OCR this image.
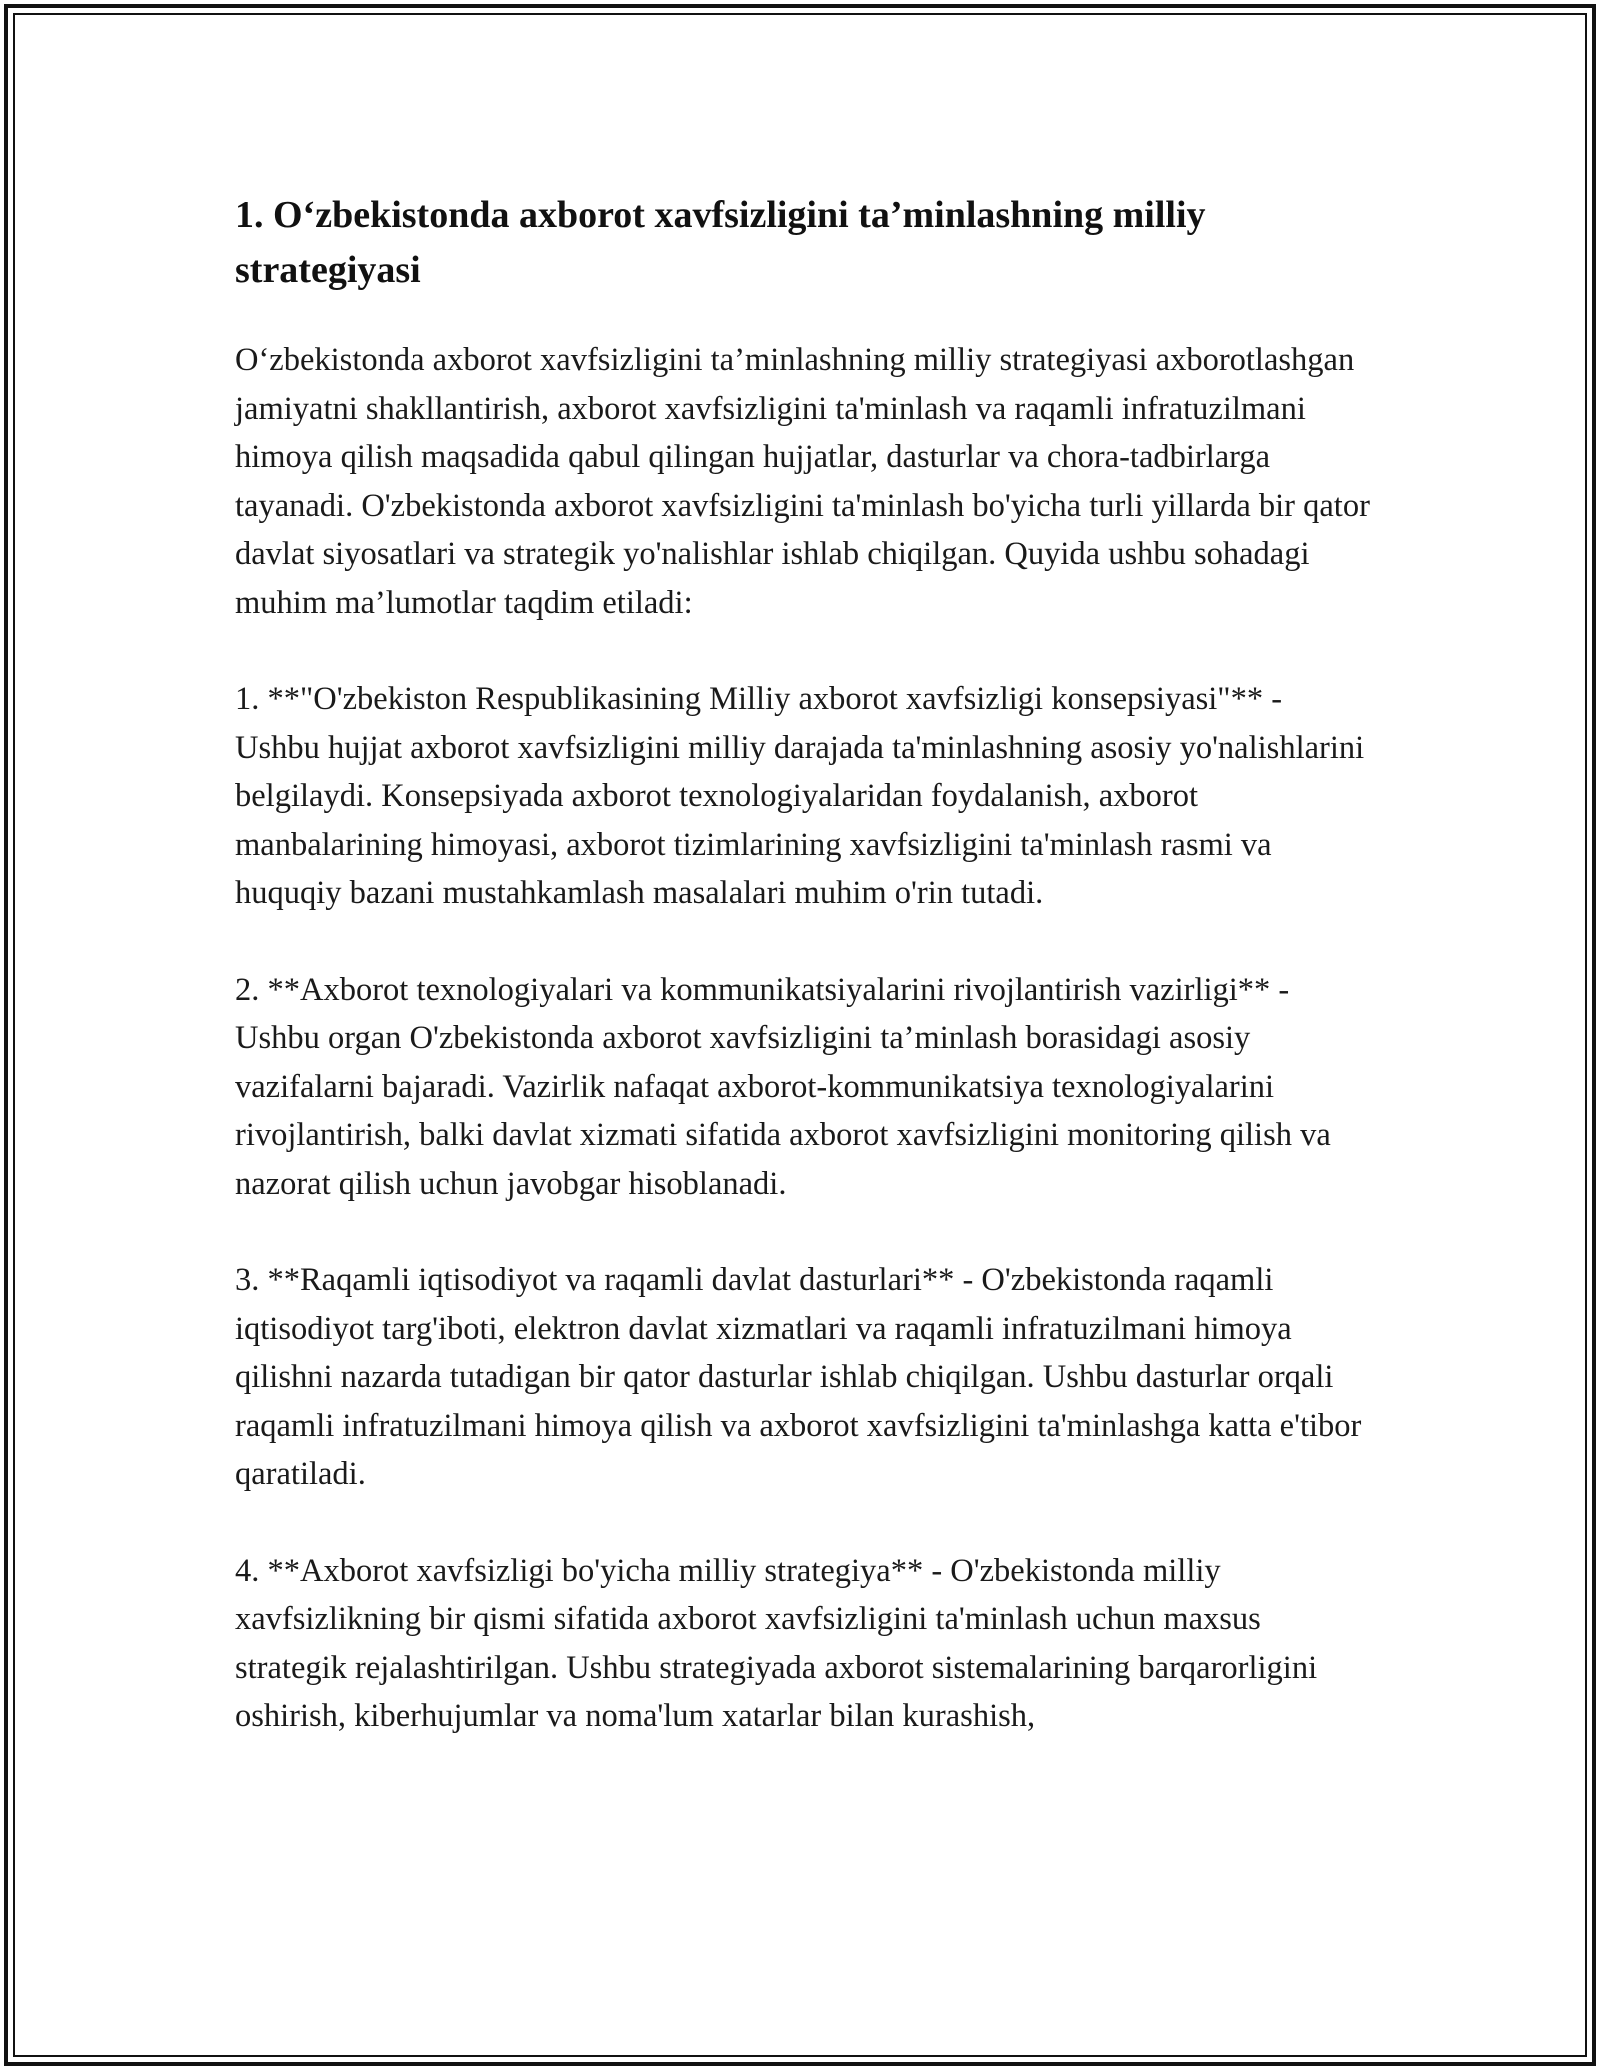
1. O‘zbekistonda axborot xavfsizligini ta’minlashning milliy strategiyasi

O‘zbekistonda axborot xavfsizligini ta’minlashning milliy strategiyasi axborotlashgan jamiyatni shakllantirish, axborot xavfsizligini ta'minlash va raqamli infratuzilmani himoya qilish maqsadida qabul qilingan hujjatlar, dasturlar va chora-tadbirlarga tayanadi. O'zbekistonda axborot xavfsizligini ta'minlash bo'yicha turli yillarda bir qator davlat siyosatlari va strategik yo'nalishlar ishlab chiqilgan. Quyida ushbu sohadagi muhim ma’lumotlar taqdim etiladi:

1. **"O'zbekiston Respublikasining Milliy axborot xavfsizligi konsepsiyasi"** - Ushbu hujjat axborot xavfsizligini milliy darajada ta'minlashning asosiy yo'nalishlarini belgilaydi. Konsepsiyada axborot texnologiyalaridan foydalanish, axborot manbalarining himoyasi, axborot tizimlarining xavfsizligini ta'minlash rasmi va huquqiy bazani mustahkamlash masalalari muhim o'rin tutadi.

2. **Axborot texnologiyalari va kommunikatsiyalarini rivojlantirish vazirligi** - Ushbu organ O'zbekistonda axborot xavfsizligini ta’minlash borasidagi asosiy vazifalarni bajaradi. Vazirlik nafaqat axborot-kommunikatsiya texnologiyalarini rivojlantirish, balki davlat xizmati sifatida axborot xavfsizligini monitoring qilish va nazorat qilish uchun javobgar hisoblanadi.

3. **Raqamli iqtisodiyot va raqamli davlat dasturlari** - O'zbekistonda raqamli iqtisodiyot targ'iboti, elektron davlat xizmatlari va raqamli infratuzilmani himoya qilishni nazarda tutadigan bir qator dasturlar ishlab chiqilgan. Ushbu dasturlar orqali raqamli infratuzilmani himoya qilish va axborot xavfsizligini ta'minlashga katta e'tibor qaratiladi.

4. **Axborot xavfsizligi bo'yicha milliy strategiya** - O'zbekistonda milliy xavfsizlikning bir qismi sifatida axborot xavfsizligini ta'minlash uchun maxsus strategik rejalashtirilgan. Ushbu strategiyada axborot sistemalarining barqarorligini oshirish, kiberhujumlar va noma'lum xatarlar bilan kurashish,
